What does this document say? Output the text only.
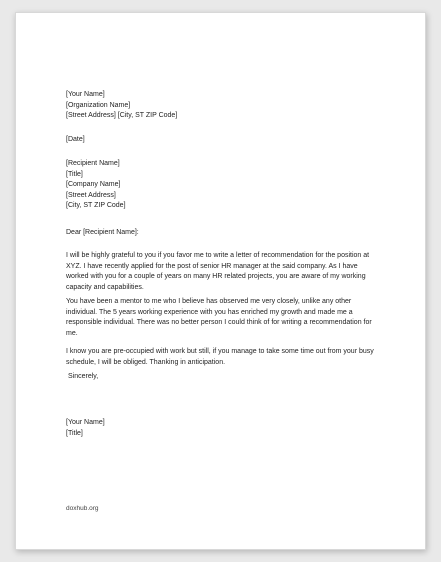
[Your Name]
[Organization Name]
[Street Address] [City, ST ZIP Code]
[Date]
[Recipient Name]
[Title]
[Company Name]
[Street Address]
[City, ST ZIP Code]
Dear [Recipient Name]:
I will be highly grateful to you if you favor me to write a letter of recommendation for the position at XYZ. I have recently applied for the post of senior HR manager at the said company. As I have worked with you for a couple of years on many HR related projects, you are aware of my working capacity and capabilities.
You have been a mentor to me who I believe has observed me very closely, unlike any other individual. The 5 years working experience with you has enriched my growth and made me a responsible individual. There was no better person I could think of for writing a recommendation for me.
I know you are pre-occupied with work but still, if you manage to take some time out from your busy schedule, I will be obliged. Thanking in anticipation.
Sincerely,
[Your Name]
[Title]
doxhub.org
